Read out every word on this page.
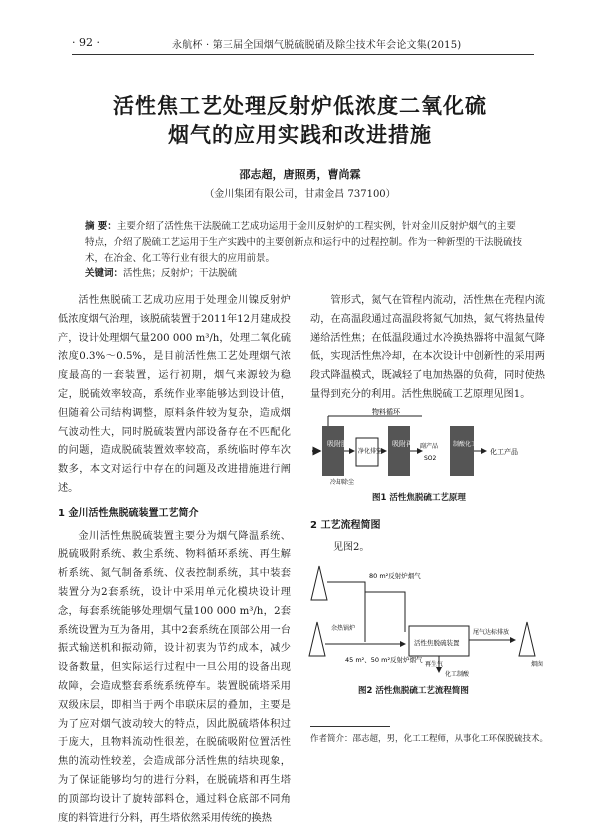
· 92 ·	永航杯 · 第三届全国烟气脱硫脱硝及除尘技术年会论文集(2015)
活性焦工艺处理反射炉低浓度二氧化硫
烟气的应用实践和改进措施
邵志超，唐照勇，曹尚霖
（金川集团有限公司，甘肃金昌 737100）
摘 要：主要介绍了活性焦干法脱硫工艺成功运用于金川反射炉的工程实例，针对金川反射炉烟气的主要特点，介绍了脱硫工艺运用于生产实践中的主要创新点和运行中的过程控制。作为一种新型的干法脱硫技术，在冶金、化工等行业有很大的应用前景。
关键词：活性焦；反射炉；干法脱硫

活性焦脱硫工艺成功应用于处理金川镍反射炉低浓度烟气治理，该脱硫装置于2011年12月建成投产，设计处理烟气量200 000 m³/h，处理二氧化硫浓度0.3%～0.5%，是目前活性焦工艺处理烟气浓度最高的一套装置，运行初期，烟气来源较为稳定，脱硫效率较高，系统作业率能够达到设计值，但随着公司结构调整，原料条件较为复杂，造成烟气波动性大，同时脱硫装置内部设备存在不匹配化的问题，造成脱硫装置效率较高，系统临时停车次数多，本文对运行中存在的问题及改进措施进行阐述。

1 金川活性焦脱硫装置工艺简介

金川活性焦脱硫装置主要分为烟气降温系统、脱硫吸附系统、救尘系统、物料循环系统、再生解析系统、氮气制备系统、仪表控制系统，其中装套装置分为2套系统，设计中采用单元化模块设计理念，每套系统能够处理烟气量100 000 m³/h，2套系统设置为互为备用，其中2套系统在顶部公用一台振式输送机和振动筛，设计初衷为节约成本，减少设备数量，但实际运行过程中一旦公用的设备出现故障，会造成整套系统系统停车。装置脱硫塔采用双级床层，即相当于两个串联床层的叠加，主要是为了应对烟气波动较大的特点，因此脱硫塔体积过于庞大，且物料流动性很差，在脱硫吸附位置活性焦的流动性较差，会造成部分活性焦的结块现象，为了保证能够均匀的进行分料，在脱硫塔和再生塔的顶部均设计了旋转部料仓，通过料仓底部不同角度的料管进行分料，再生塔依然采用传统的换热

管形式，氮气在管程内流动，活性焦在壳程内流动，在高温段通过高温段将氮气加热，氮气将热量传递给活性焦；在低温段通过水冷换热器将中温氮气降低，实现活性焦冷却，在本次设计中创新性的采用两段式降温模式，既减轻了电加热器的负荷，同时使热量得到充分的利用。活性焦脱硫工艺原理见图1。

物料循环
吸附脱硫
净化排空
吸附再生 副产品
SO2
制酸化工产品
化工产品
冷却除尘
图1 活性焦脱硫工艺原理
2 工艺流程简图
见图2。
余热锅炉
80 m²反射炉烟气
45 m²、50 m²反射炉烟气
活性焦脱硫装置
尾气达标排放
烟囱
再生气
化工制酸
图2 活性焦脱硫工艺流程简图
作者简介：邵志超，男，化工工程师，从事化工环保脱硫技术。
